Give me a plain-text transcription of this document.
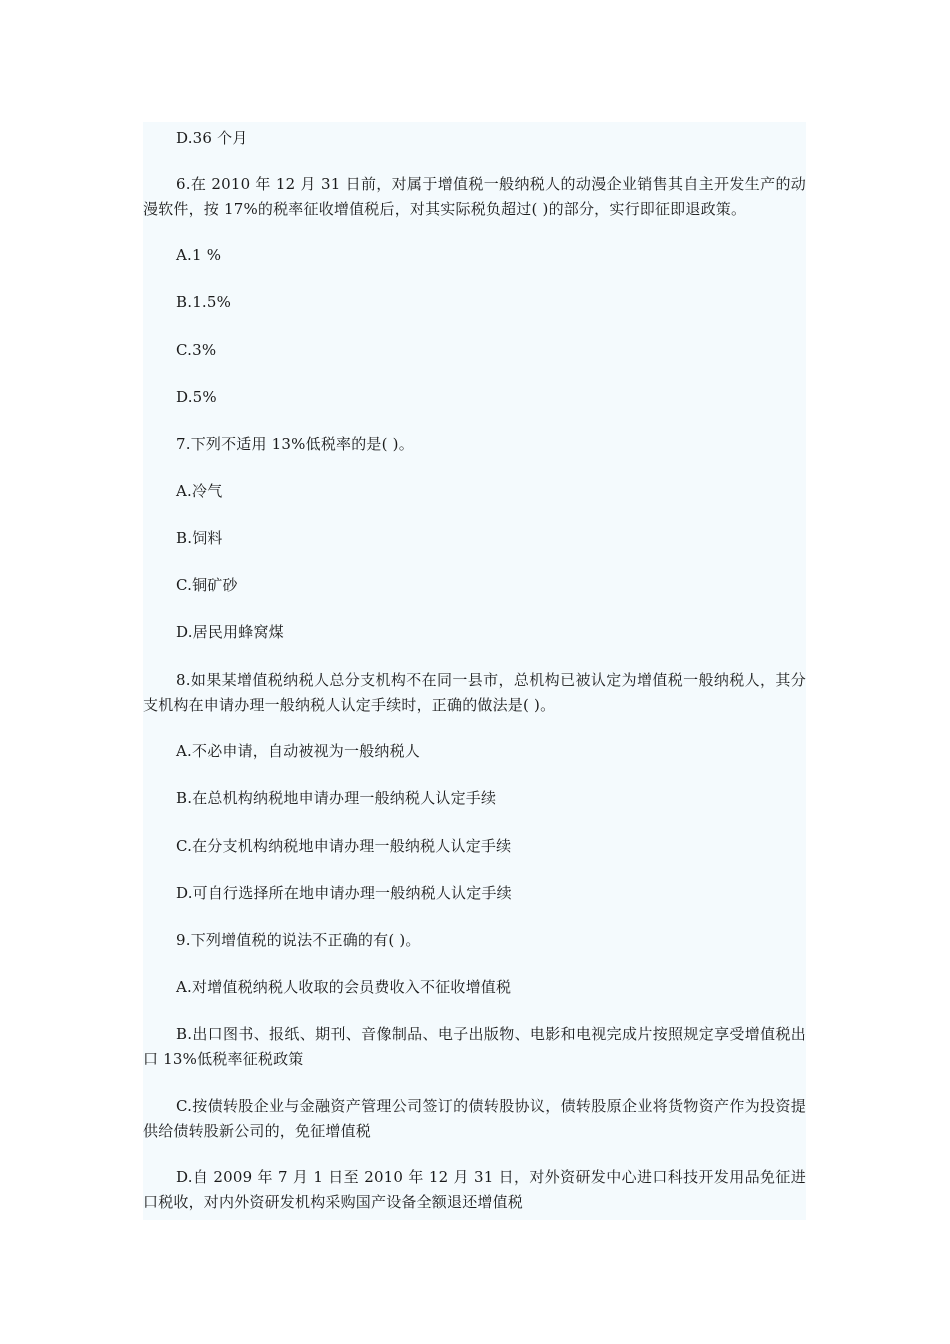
D.36 个月

6.在 2010 年 12 月 31 日前，对属于增值税一般纳税人的动漫企业销售其自主开发生产的动漫软件，按 17%的税率征收增值税后，对其实际税负超过( )的部分，实行即征即退政策。

A.1 %

B.1.5%

C.3%

D.5%

7.下列不适用 13%低税率的是( )。

A.冷气

B.饲料

C.铜矿砂

D.居民用蜂窝煤

8.如果某增值税纳税人总分支机构不在同一县市，总机构已被认定为增值税一般纳税人，其分支机构在申请办理一般纳税人认定手续时，正确的做法是( )。

A.不必申请，自动被视为一般纳税人

B.在总机构纳税地申请办理一般纳税人认定手续

C.在分支机构纳税地申请办理一般纳税人认定手续

D.可自行选择所在地申请办理一般纳税人认定手续

9.下列增值税的说法不正确的有( )。

A.对增值税纳税人收取的会员费收入不征收增值税

B.出口图书、报纸、期刊、音像制品、电子出版物、电影和电视完成片按照规定享受增值税出口 13%低税率征税政策

C.按债转股企业与金融资产管理公司签订的债转股协议，债转股原企业将货物资产作为投资提供给债转股新公司的，免征增值税

D.自 2009 年 7 月 1 日至 2010 年 12 月 31 日，对外资研发中心进口科技开发用品免征进口税收，对内外资研发机构采购国产设备全额退还增值税
